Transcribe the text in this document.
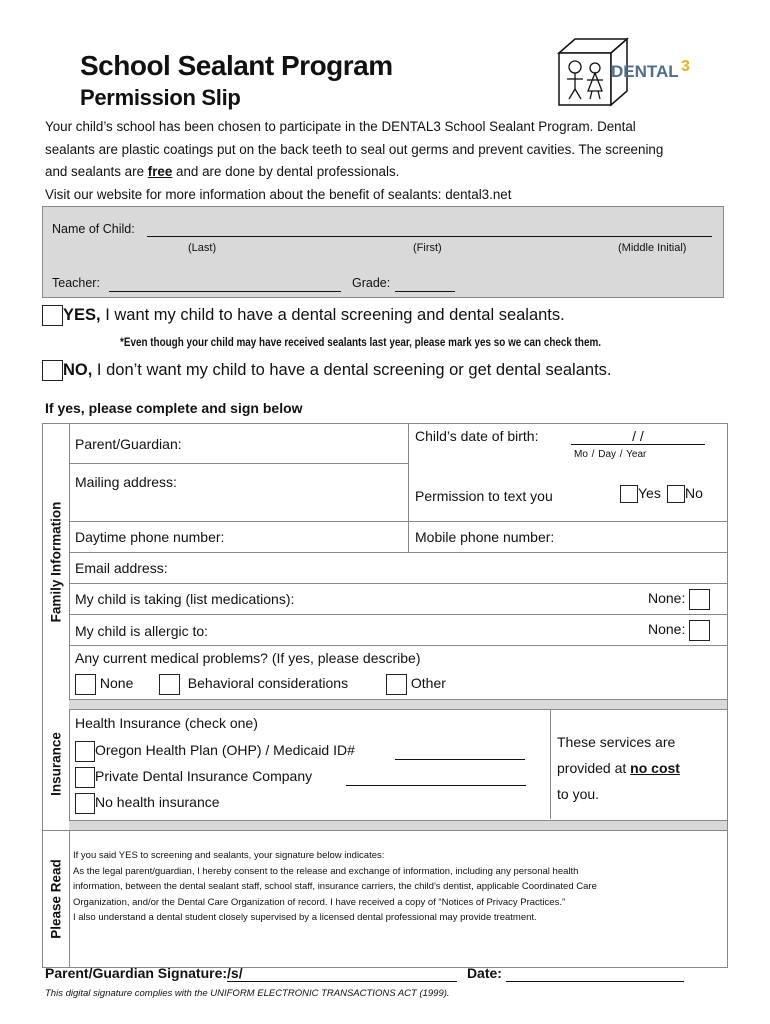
School Sealant Program
Permission Slip
DENTAL 3

Your child’s school has been chosen to participate in the DENTAL3 School Sealant Program. Dental

sealants are plastic coatings put on the back teeth to seal out germs and prevent cavities. The screening

and sealants are free and are done by dental professionals.

Visit our website for more information about the benefit of sealants: dental3.net

Name of Child:
(Last)	(First)	(Middle Initial)
Teacher:	Grade:
YES, I want my child to have a dental screening and dental sealants.
*Even though your child may have received sealants last year, please mark yes so we can check them.
NO, I don’t want my child to have a dental screening or get dental sealants.
If yes, please complete and sign below
Family Information
Parent/Guardian:	Child’s date of birth:	/ /
Mo / Day / Year
Mailing address:
Permission to text you	Yes	No
Daytime phone number:	Mobile phone number:
Email address:
My child is taking (list medications):	None:
My child is allergic to:	None:
Any current medical problems? (If yes, please describe)
None	Behavioral considerations	Other
Insurance
Health Insurance (check one)
Oregon Health Plan (OHP) / Medicaid ID#
Private Dental Insurance Company
No health insurance
These services are
provided at no cost
to you.
Please Read

If you said YES to screening and sealants, your signature below indicates:

As the legal parent/guardian, I hereby consent to the release and exchange of information, including any personal health

information, between the dental sealant staff, school staff, insurance carriers, the child’s dentist, applicable Coordinated Care

Organization, and/or the Dental Care Organization of record. I have received a copy of “Notices of Privacy Practices.”

I also understand a dental student closely supervised by a licensed dental professional may provide treatment.

Parent/Guardian Signature:/s/	Date:
This digital signature complies with the UNIFORM ELECTRONIC TRANSACTIONS ACT (1999).
